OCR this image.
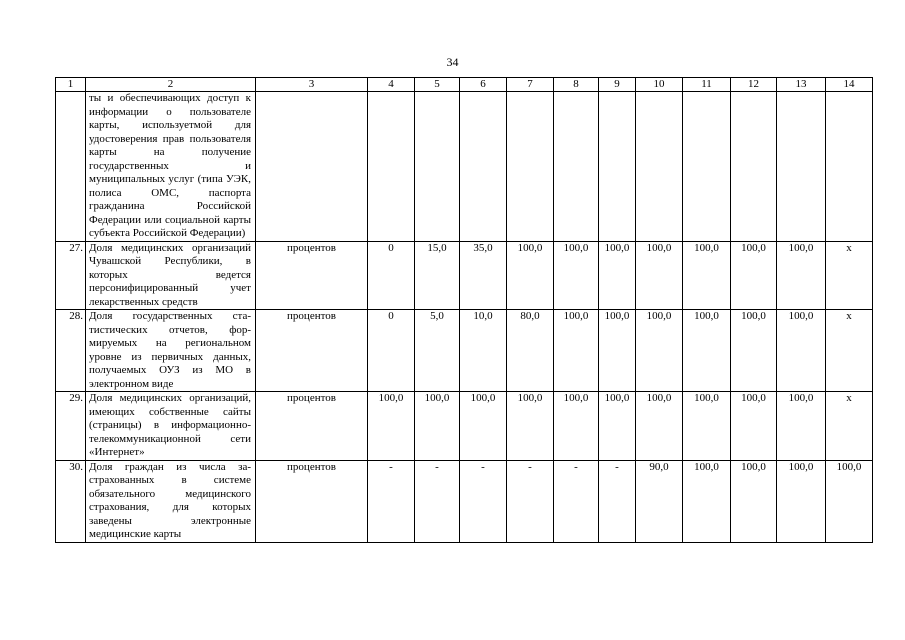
34
1	2	3	4	5	6	7	8	9	10	11	12	13	14
	ты и обеспечивающих доступ к информации о пользователе карты, используетмой для удостоверения прав пользователя карты на получение государственных и муниципальных услуг (типа УЭК, полиса ОМС, паспорта гражданина Российской Федерации или социальной карты субъекта Российской Федерации)												
27.	Доля медицинских организаций Чувашской Республики, в которых ведется персонифицированный учет лекарственных средств	процентов	0	15,0	35,0	100,0	100,0	100,0	100,0	100,0	100,0	100,0	x
28.	Доля государственных статистических отчетов, формируемых на региональном уровне из первичных данных, получаемых ОУЗ из МО в электронном виде	процентов	0	5,0	10,0	80,0	100,0	100,0	100,0	100,0	100,0	100,0	x
29.	Доля медицинских организаций, имеющих собственные сайты (страницы) в информационно-телекоммуникационной сети «Интернет»	процентов	100,0	100,0	100,0	100,0	100,0	100,0	100,0	100,0	100,0	100,0	x
30.	Доля граждан из числа застрахованных в системе обязательного медицинского страхования, для которых заведены электронные медицинские карты	процентов	-	-	-	-	-	-	90,0	100,0	100,0	100,0	100,0
